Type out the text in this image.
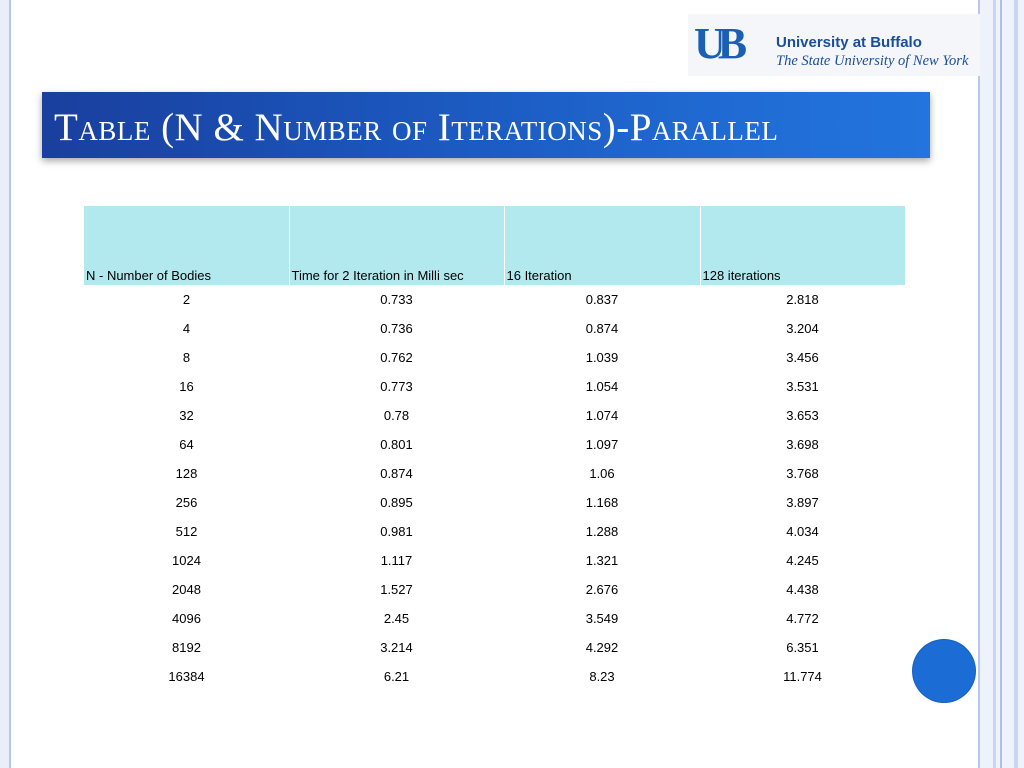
UB University at Buffalo
The State University of New York
Table (N & Number of Iterations)-Parallel
N - Number of Bodies	Time for 2 Iteration in Milli sec	16 Iteration	128 iterations
2	0.733	0.837	2.818
4	0.736	0.874	3.204
8	0.762	1.039	3.456
16	0.773	1.054	3.531
32	0.78	1.074	3.653
64	0.801	1.097	3.698
128	0.874	1.06	3.768
256	0.895	1.168	3.897
512	0.981	1.288	4.034
1024	1.117	1.321	4.245
2048	1.527	2.676	4.438
4096	2.45	3.549	4.772
8192	3.214	4.292	6.351
16384	6.21	8.23	11.774
